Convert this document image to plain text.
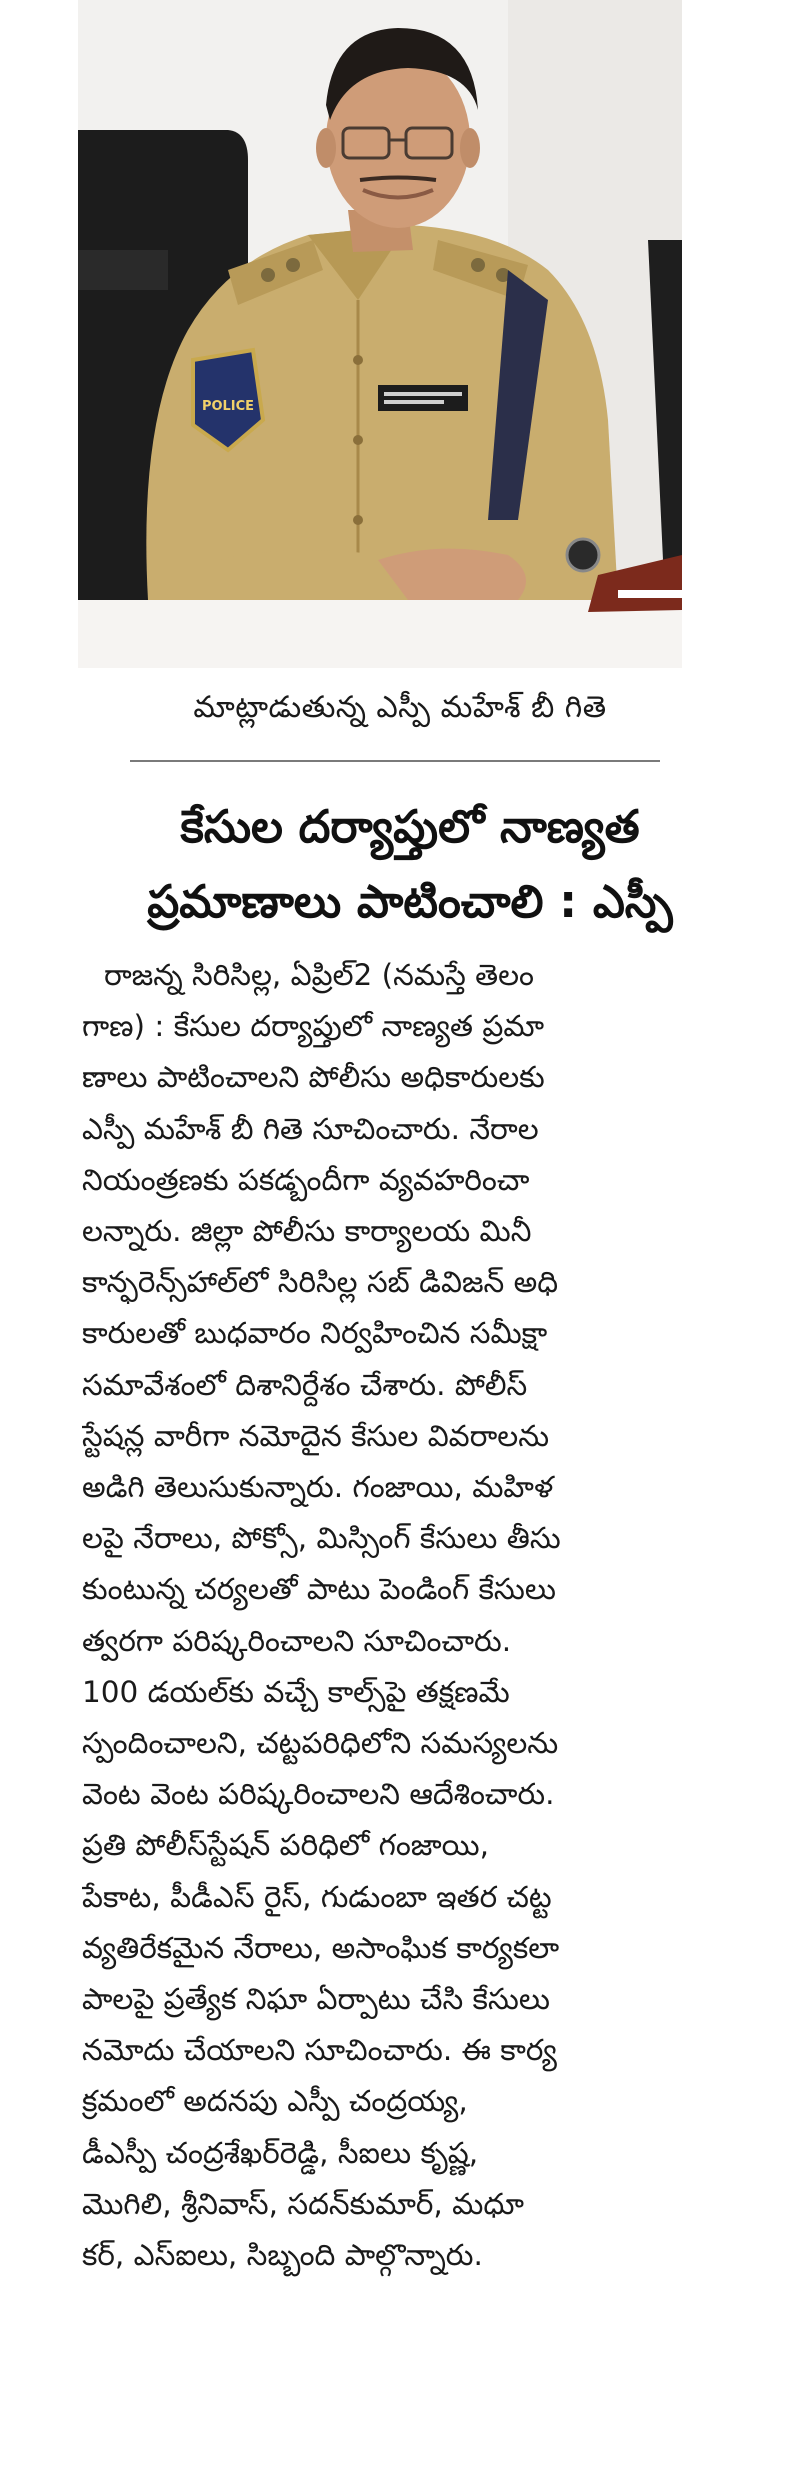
POLICE
మాట్లాడుతున్న ఎస్పీ మహేశ్ బీ గితె
కేసుల దర్యాప్తులో నాణ్యత
ప్రమాణాలు పాటించాలి : ఎస్పీ
రాజన్న సిరిసిల్ల, ఏప్రిల్2 (నమస్తే తెలం
గాణ) : కేసుల దర్యాప్తులో నాణ్యత ప్రమా
ణాలు పాటించాలని పోలీసు అధికారులకు
ఎస్పీ మహేశ్ బీ గితె సూచించారు. నేరాల
నియంత్రణకు పకడ్బందీగా వ్యవహరించా
లన్నారు. జిల్లా పోలీసు కార్యాలయ మినీ
కాన్ఫరెన్స్‌హాల్‌లో సిరిసిల్ల సబ్ డివిజన్ అధి
కారులతో బుధవారం నిర్వహించిన సమీక్షా
సమావేశంలో దిశానిర్దేశం చేశారు. పోలీస్
స్టేషన్ల వారీగా నమోదైన కేసుల వివరాలను
అడిగి తెలుసుకున్నారు. గంజాయి, మహిళ
లపై నేరాలు, పోక్సో, మిస్సింగ్ కేసులు తీసు
కుంటున్న చర్యలతో పాటు పెండింగ్ కేసులు
త్వరగా పరిష్కరించాలని సూచించారు.
100 డయల్‌కు వచ్చే కాల్స్‌పై తక్షణమే
స్పందించాలని, చట్టపరిధిలోని సమస్యలను
వెంట వెంట పరిష్కరించాలని ఆదేశించారు.
ప్రతి పోలీస్‌స్టేషన్ పరిధిలో గంజాయి,
పేకాట, పీడీఎస్ రైస్, గుడుంబా ఇతర చట్ట
వ్యతిరేకమైన నేరాలు, అసాంఘిక కార్యకలా
పాలపై ప్రత్యేక నిఘా ఏర్పాటు చేసి కేసులు
నమోదు చేయాలని సూచించారు. ఈ కార్య
క్రమంలో అదనపు ఎస్పీ చంద్రయ్య,
డీఎస్పీ చంద్రశేఖర్‌రెడ్డి, సీఐలు కృష్ణ,
మొగిలి, శ్రీనివాస్, సదన్‌కుమార్, మధూ
కర్, ఎస్ఐలు, సిబ్బంది పాల్గొన్నారు.
